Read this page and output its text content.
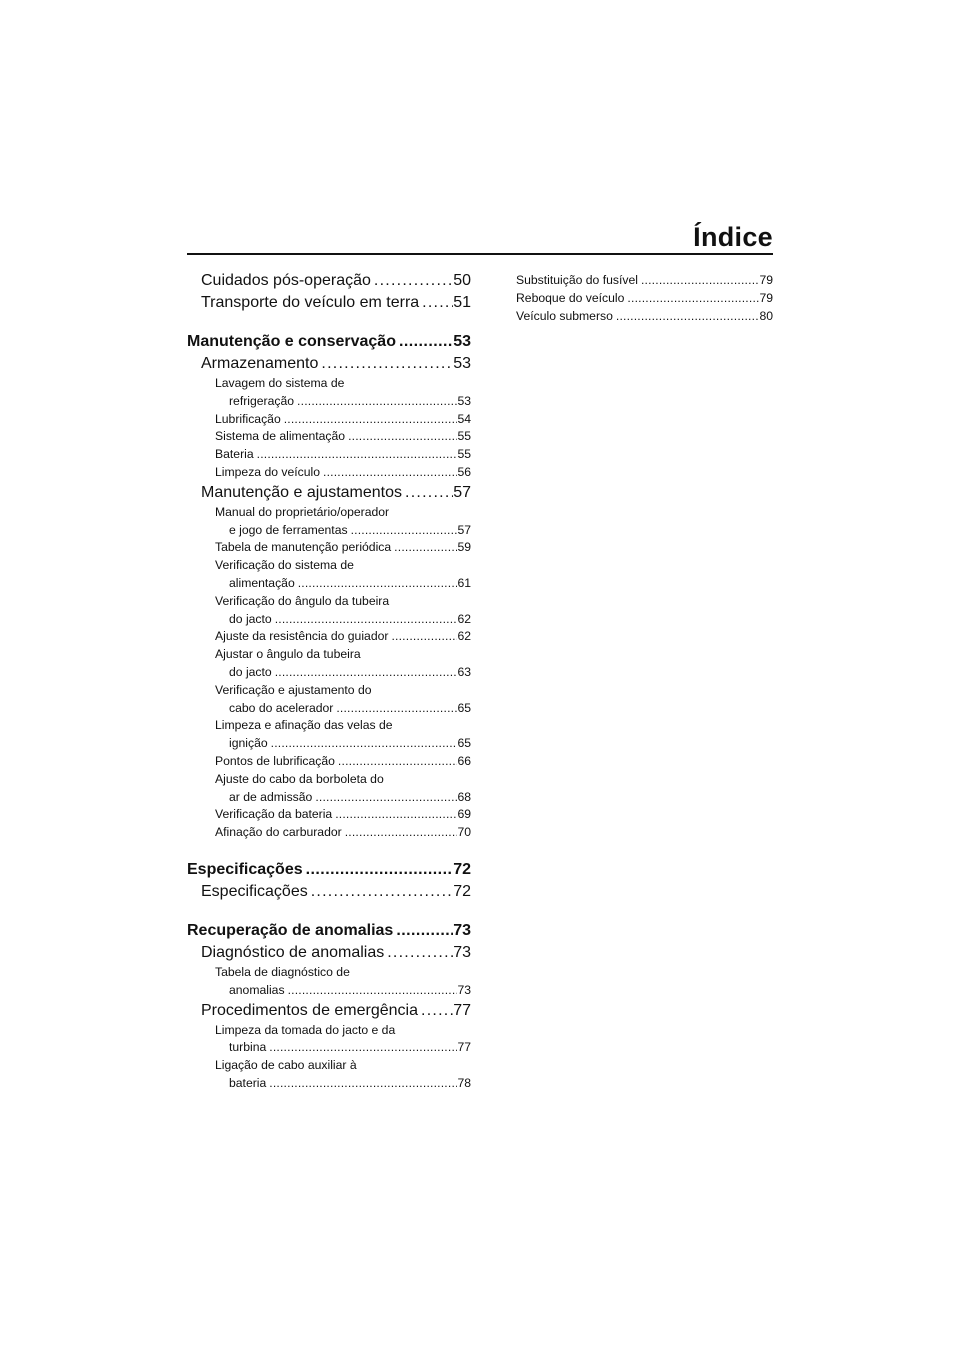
Índice
Cuidados pós-operação . . .	50
Transporte do veículo em terra . . . 51
Manutenção e conservação . . .	53
Armazenamento . . .	53
Lavagem do sistema de
refrigeração . . .	53
Lubrificação . . .	54
Sistema de alimentação . . .	55
Bateria . . .	55
Limpeza do veículo . . .	56
Manutenção e ajustamentos . . .	57
Manual do proprietário/operador
e jogo de ferramentas . . .	57
Tabela de manutenção periódica . . .	59
Verificação do sistema de
alimentação . . .	61
Verificação do ângulo da tubeira
do jacto . . .	62
Ajuste da resistência do guiador . . .	62
Ajustar o ângulo da tubeira
do jacto . . .	63
Verificação e ajustamento do
cabo do acelerador . . .	65
Limpeza e afinação das velas de
ignição . . .	65
Pontos de lubrificação . . .	66
Ajuste do cabo da borboleta do
ar de admissão . . .	68
Verificação da bateria . . .	69
Afinação do carburador . . .	70
Especificações . . .	72
Especificações . . .	72
Recuperação de anomalias . . .	73
Diagnóstico de anomalias . . .	73
Tabela de diagnóstico de
anomalias . . .	73
Procedimentos de emergência . . . 77
Limpeza da tomada do jacto e da
turbina . . .	77
Ligação de cabo auxiliar à
bateria . . .	78
Substituição do fusível . . .	79
Reboque do veículo . . .	79
Veículo submerso . . .	80
